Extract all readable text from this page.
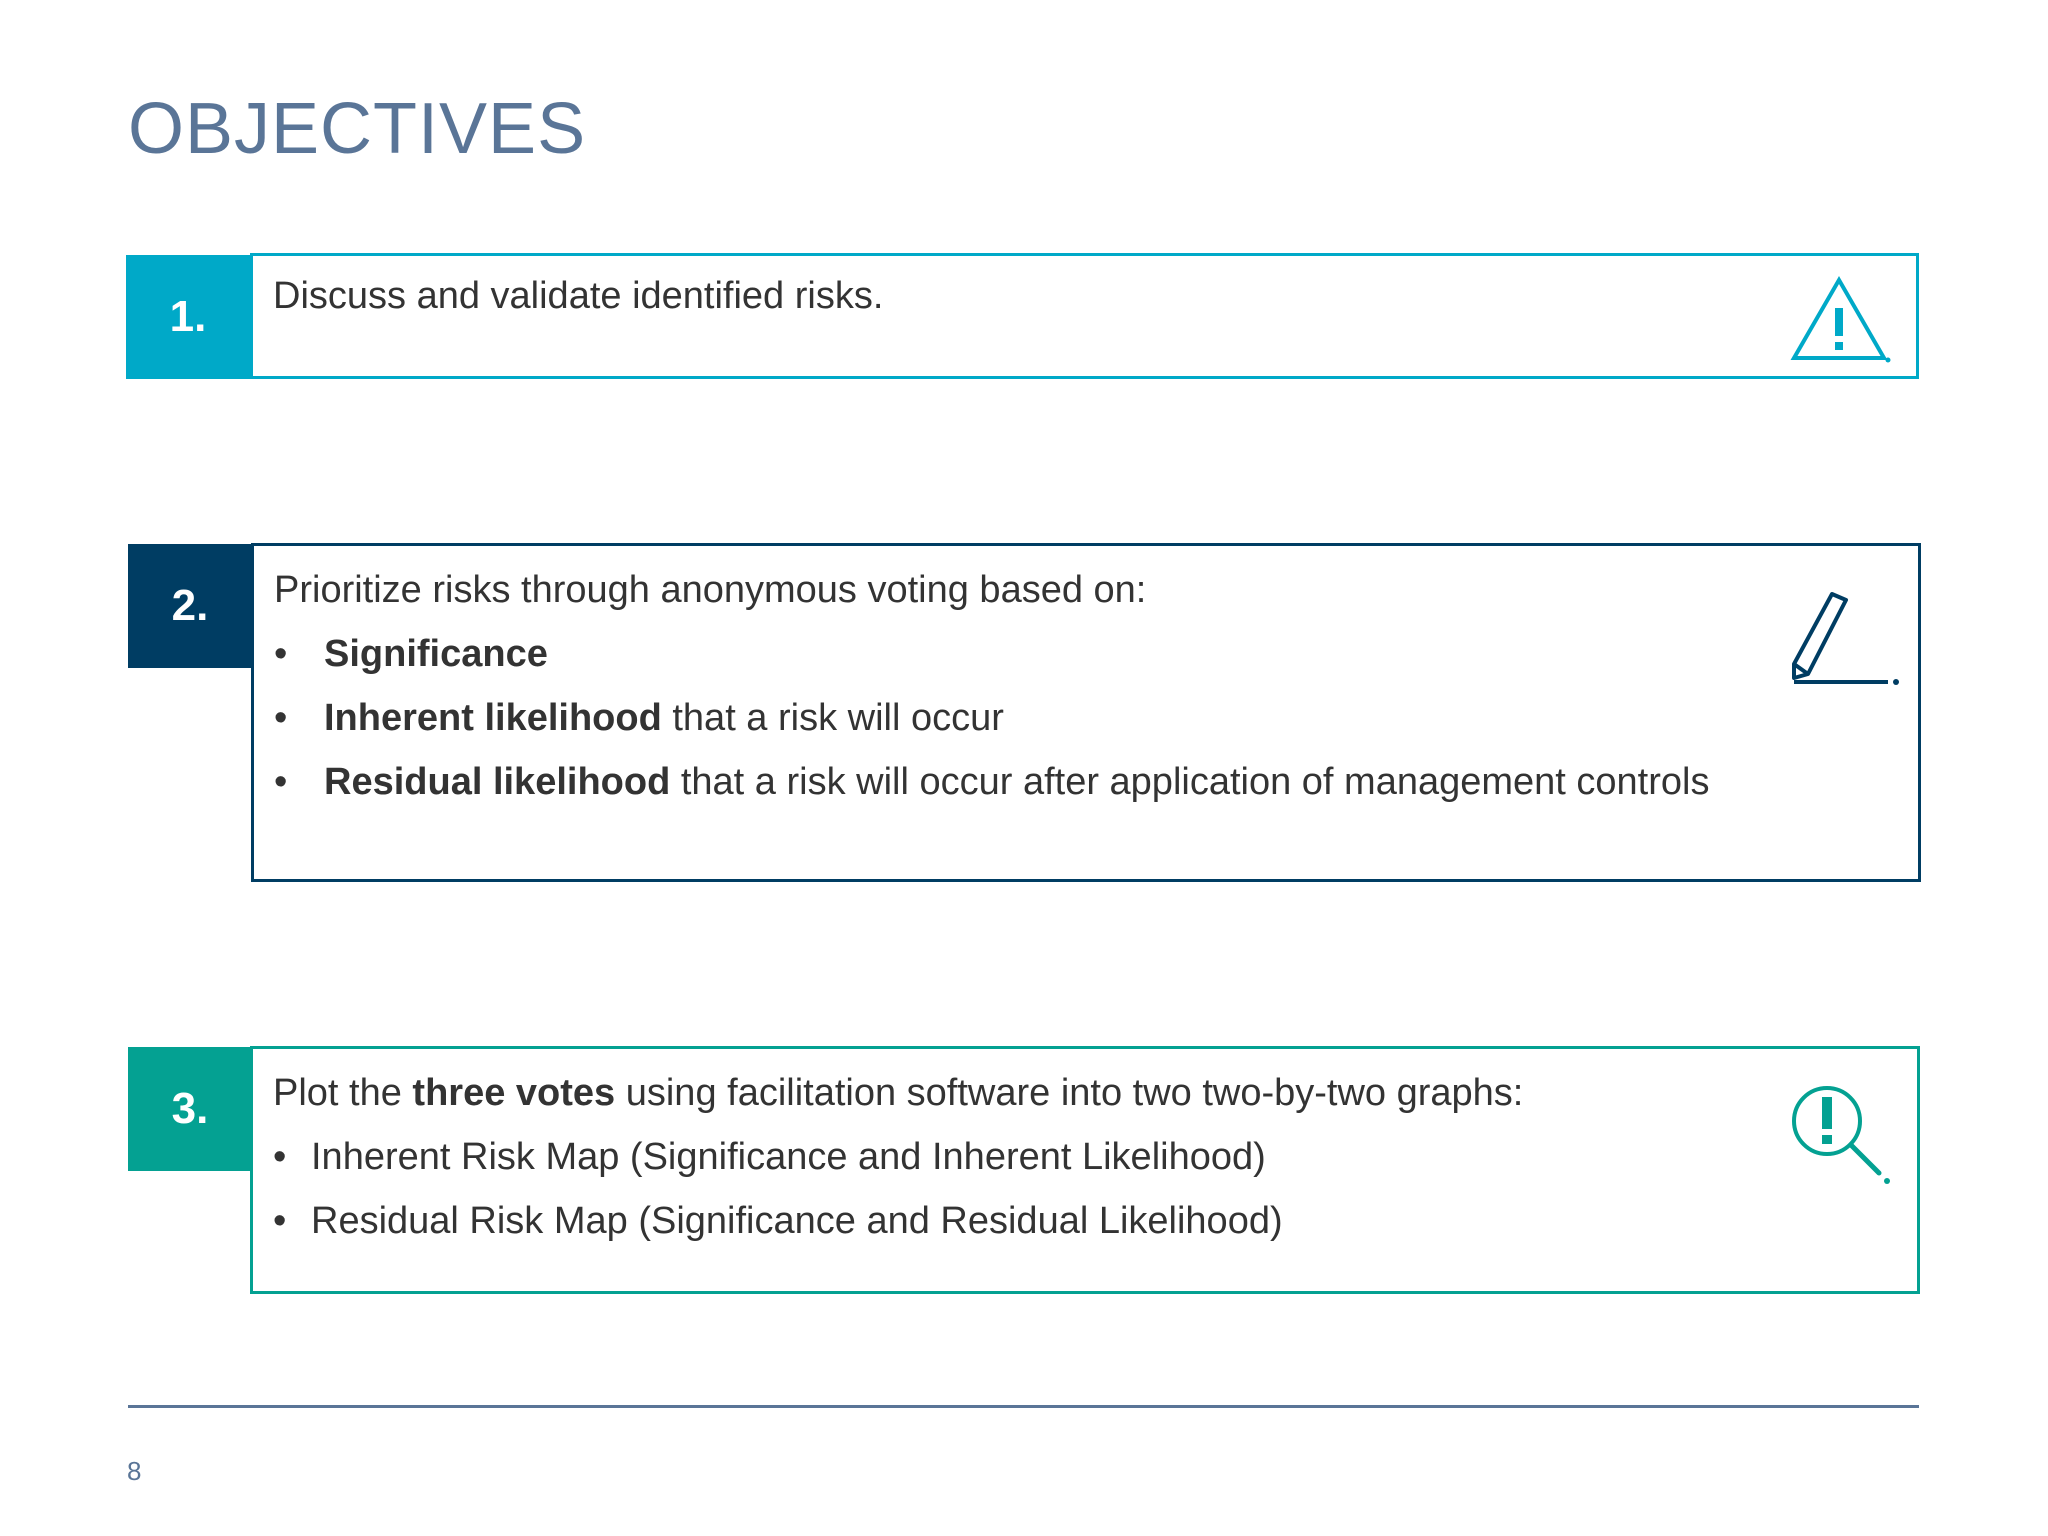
OBJECTIVES
Discuss and validate identified risks.
1.
Prioritize risks through anonymous voting based on:
• Significance
• Inherent likelihood that a risk will occur
• Residual likelihood that a risk will occur after application of management controls
2.
Plot the three votes using facilitation software into two two-by-two graphs:
• Inherent Risk Map (Significance and Inherent Likelihood)
• Residual Risk Map (Significance and Residual Likelihood)
3.
8
